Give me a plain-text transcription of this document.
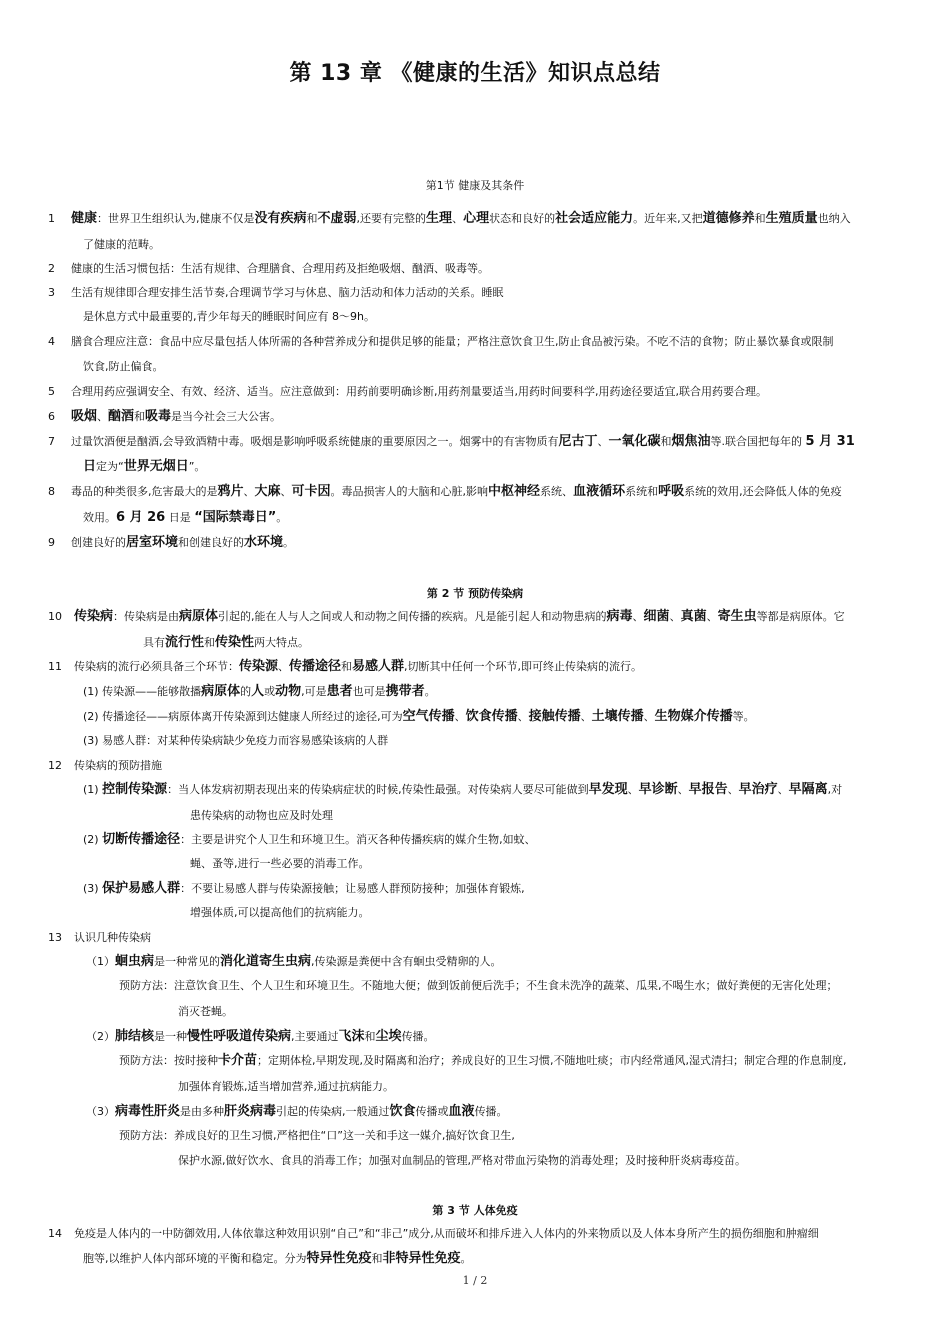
第 13 章 《健康的生活》知识点总结
第1节 健康及其条件
1 健康：世界卫生组织认为,健康不仅是没有疾病和不虚弱,还要有完整的生理、心理状态和良好的社会适应能力。近年来,又把道德修养和生殖质量也纳入
了健康的范畴。
2 健康的生活习惯包括：生活有规律、合理膳食、合理用药及拒绝吸烟、酗酒、吸毒等。
3 生活有规律即合理安排生活节奏,合理调节学习与休息、脑力活动和体力活动的关系。睡眠
是休息方式中最重要的,青少年每天的睡眠时间应有 8～9h。
4 膳食合理应注意：食品中应尽量包括人体所需的各种营养成分和提供足够的能量；严格注意饮食卫生,防止食品被污染。不吃不洁的食物；防止暴饮暴食或限制
饮食,防止偏食。
5 合理用药应强调安全、有效、经济、适当。应注意做到：用药前要明确诊断,用药剂量要适当,用药时间要科学,用药途径要适宜,联合用药要合理。
6 吸烟、酗酒和吸毒是当今社会三大公害。
7 过量饮酒便是酗酒,会导致酒精中毒。吸烟是影响呼吸系统健康的重要原因之一。烟雾中的有害物质有尼古丁、一氧化碳和烟焦油等.联合国把每年的 5 月 31
日定为“世界无烟日”。
8 毒品的种类很多,危害最大的是鸦片、大麻、可卡因。毒品损害人的大脑和心脏,影响中枢神经系统、血液循环系统和呼吸系统的效用,还会降低人体的免疫
效用。6 月 26 日是 “国际禁毒日”。
9 创建良好的居室环境和创建良好的水环境。
第 2 节 预防传染病
10 传染病：传染病是由病原体引起的,能在人与人之间或人和动物之间传播的疾病。凡是能引起人和动物患病的病毒、细菌、真菌、寄生虫等都是病原体。它
具有流行性和传染性两大特点。
11 传染病的流行必须具备三个环节：传染源、传播途径和易感人群,切断其中任何一个环节,即可终止传染病的流行。
(1) 传染源——能够散播病原体的人或动物,可是患者也可是携带者。
(2) 传播途径——病原体离开传染源到达健康人所经过的途径,可为空气传播、饮食传播、接触传播、土壤传播、生物媒介传播等。
(3) 易感人群：对某种传染病缺少免疫力而容易感染该病的人群
12 传染病的预防措施
(1) 控制传染源：当人体发病初期表现出来的传染病症状的时候,传染性最强。对传染病人要尽可能做到早发现、早诊断、早报告、早治疗、早隔离,对
患传染病的动物也应及时处理
(2) 切断传播途径：主要是讲究个人卫生和环境卫生。消灭各种传播疾病的媒介生物,如蚊、
蝇、蚤等,进行一些必要的消毒工作。
(3) 保护易感人群：不要让易感人群与传染源接触；让易感人群预防接种；加强体育锻炼,
增强体质,可以提高他们的抗病能力。
13 认识几种传染病
（1）蛔虫病是一种常见的消化道寄生虫病,传染源是粪便中含有蛔虫受精卵的人。
预防方法：注意饮食卫生、个人卫生和环境卫生。不随地大便；做到饭前便后洗手；不生食未洗净的蔬菜、瓜果,不喝生水；做好粪便的无害化处理；
消灭苍蝇。
（2）肺结核是一种慢性呼吸道传染病,主要通过飞沫和尘埃传播。
预防方法：按时接种卡介苗；定期体检,早期发现,及时隔离和治疗；养成良好的卫生习惯,不随地吐痰；市内经常通风,湿式清扫；制定合理的作息制度,
加强体育锻炼,适当增加营养,通过抗病能力。
（3）病毒性肝炎是由多种肝炎病毒引起的传染病,一般通过饮食传播或血液传播。
预防方法：养成良好的卫生习惯,严格把住“口”这一关和手这一媒介,搞好饮食卫生,
保护水源,做好饮水、食具的消毒工作；加强对血制品的管理,严格对带血污染物的消毒处理；及时接种肝炎病毒疫苗。
第 3 节 人体免疫
14 免疫是人体内的一中防御效用,人体依靠这种效用识别“自己”和“非己”成分,从而破坏和排斥进入人体内的外来物质以及人体本身所产生的损伤细胞和肿瘤细
胞等,以维护人体内部环境的平衡和稳定。分为特异性免疫和非特异性免疫。
1 / 2
